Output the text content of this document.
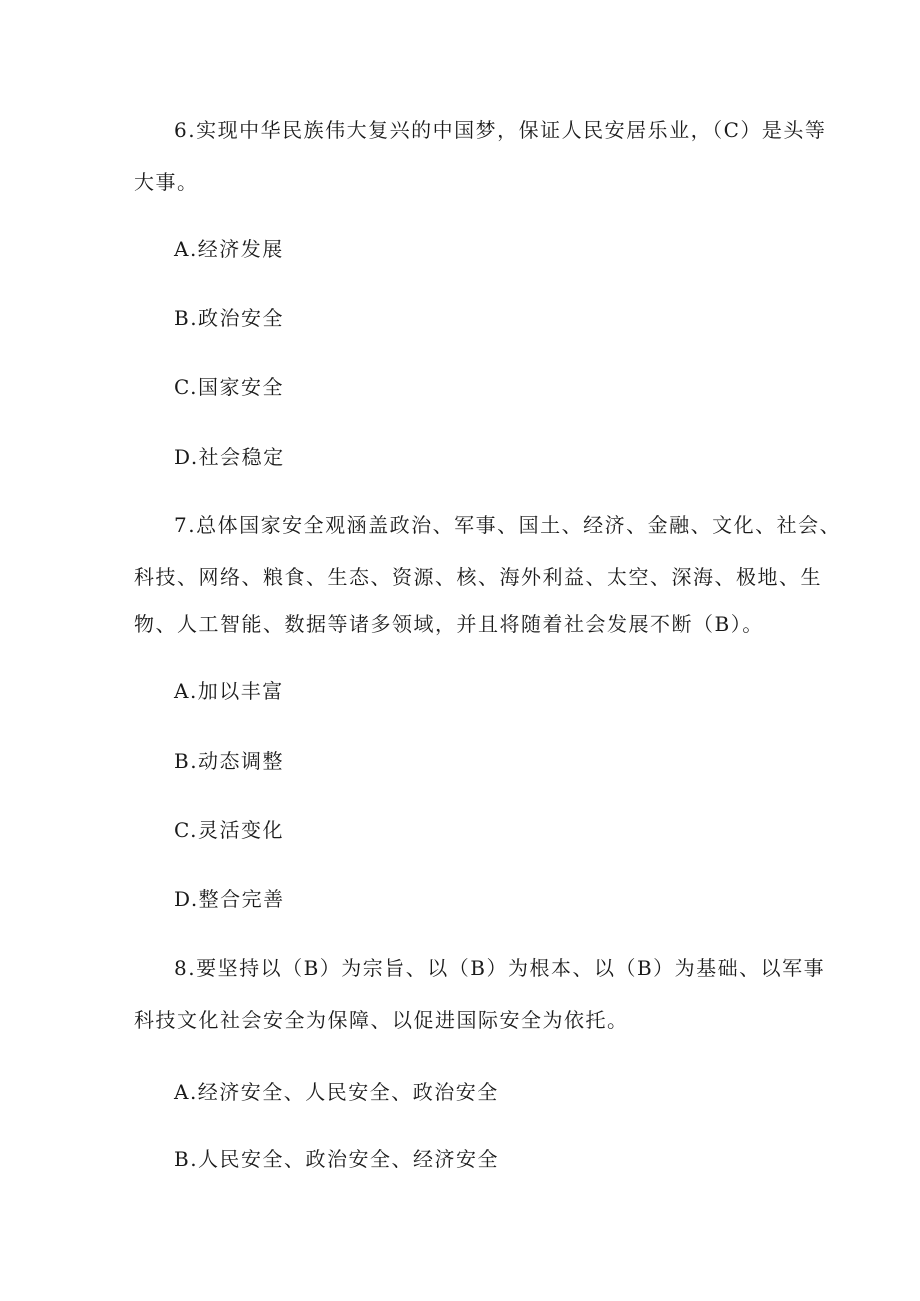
6.实现中华民族伟大复兴的中国梦，保证人民安居乐业，（C）是头等
大事。
A.经济发展
B.政治安全
C.国家安全
D.社会稳定
7.总体国家安全观涵盖政治、军事、国土、经济、金融、文化、社会、
科技、网络、粮食、生态、资源、核、海外利益、太空、深海、极地、生
物、人工智能、数据等诸多领域，并且将随着社会发展不断（B）。
A.加以丰富
B.动态调整
C.灵活变化
D.整合完善
8.要坚持以（B）为宗旨、以（B）为根本、以（B）为基础、以军事
科技文化社会安全为保障、以促进国际安全为依托。
A.经济安全、人民安全、政治安全
B.人民安全、政治安全、经济安全
